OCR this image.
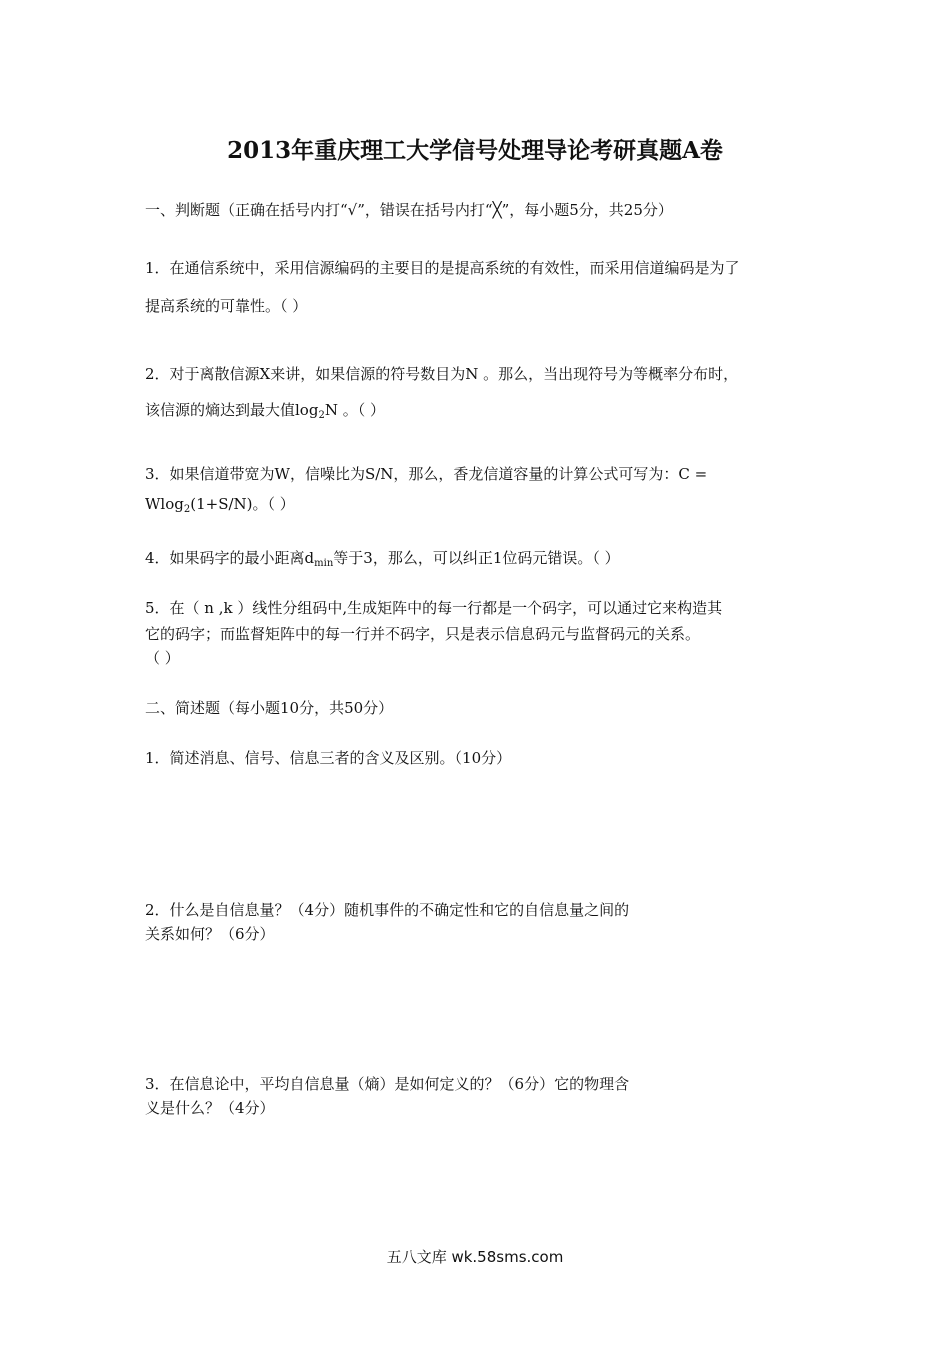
2013年重庆理工大学信号处理导论考研真题A卷
一、判断题（正确在括号内打“√”，错误在括号内打“╳”，每小题5分，共25分）
1．在通信系统中，采用信源编码的主要目的是提高系统的有效性，而采用信道编码是为了
提高系统的可靠性。（ ）
2．对于离散信源X来讲，如果信源的符号数目为N 。那么，当出现符号为等概率分布时，
该信源的熵达到最大值$\log_2N$ 。（ ）
3．如果信道带宽为W，信噪比为S/N，那么，香龙信道容量的计算公式可写为：C =
Wlog$_2$(1+S/N)。（ ）
4．如果码字的最小距离$d_{min}$等于3，那么，可以纠正1位码元错误。（ ）
5．在（ n ,k ）线性分组码中,生成矩阵中的每一行都是一个码字，可以通过它来构造其
它的码字；而监督矩阵中的每一行并不码字，只是表示信息码元与监督码元的关系。
（ ）
二、简述题（每小题10分，共50分）
1．简述消息、信号、信息三者的含义及区别。（10分）
2．什么是自信息量？（4分）随机事件的不确定性和它的自信息量之间的
关系如何？（6分）
3．在信息论中，平均自信息量（熵）是如何定义的？（6分）它的物理含
义是什么？（4分）
五八文库 wk.58sms.com
